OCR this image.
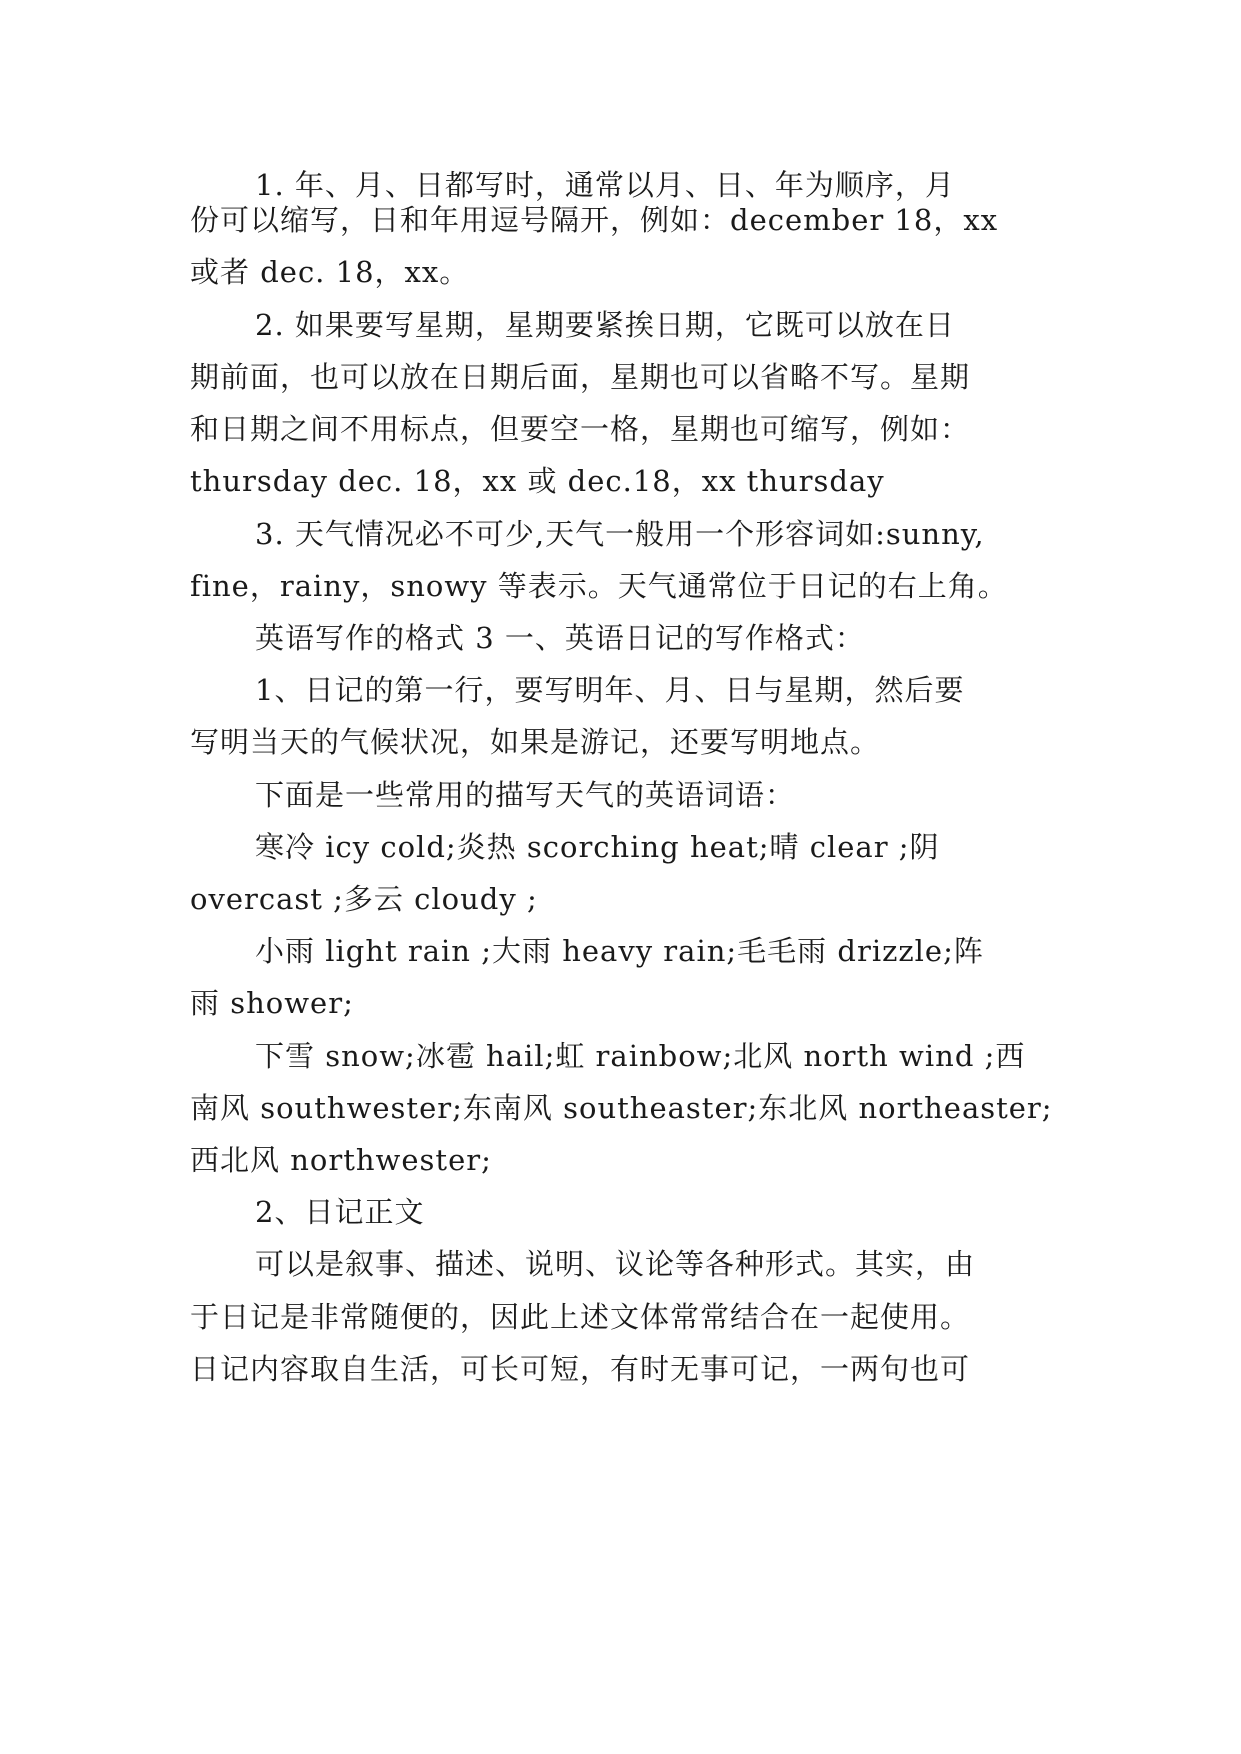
1. 年、月、日都写时，通常以月、日、年为顺序，月
份可以缩写，日和年用逗号隔开，例如：december 18，xx
或者 dec. 18，xx。
2. 如果要写星期，星期要紧挨日期，它既可以放在日
期前面，也可以放在日期后面，星期也可以省略不写。星期
和日期之间不用标点，但要空一格，星期也可缩写，例如：
thursday dec. 18，xx 或 dec.18，xx thursday
3. 天气情况必不可少,天气一般用一个形容词如:sunny,
fine，rainy，snowy 等表示。天气通常位于日记的右上角。
英语写作的格式 3 一、英语日记的写作格式：
1、日记的第一行，要写明年、月、日与星期，然后要
写明当天的气候状况，如果是游记，还要写明地点。
下面是一些常用的描写天气的英语词语：
寒冷 icy cold;炎热 scorching heat;晴 clear ;阴
overcast ;多云 cloudy ;
小雨 light rain ;大雨 heavy rain;毛毛雨 drizzle;阵
雨 shower;
下雪 snow;冰雹 hail;虹 rainbow;北风 north wind ;西
南风 southwester;东南风 southeaster;东北风 northeaster;
西北风 northwester;
2、日记正文
可以是叙事、描述、说明、议论等各种形式。其实，由
于日记是非常随便的，因此上述文体常常结合在一起使用。
日记内容取自生活，可长可短，有时无事可记，一两句也可
